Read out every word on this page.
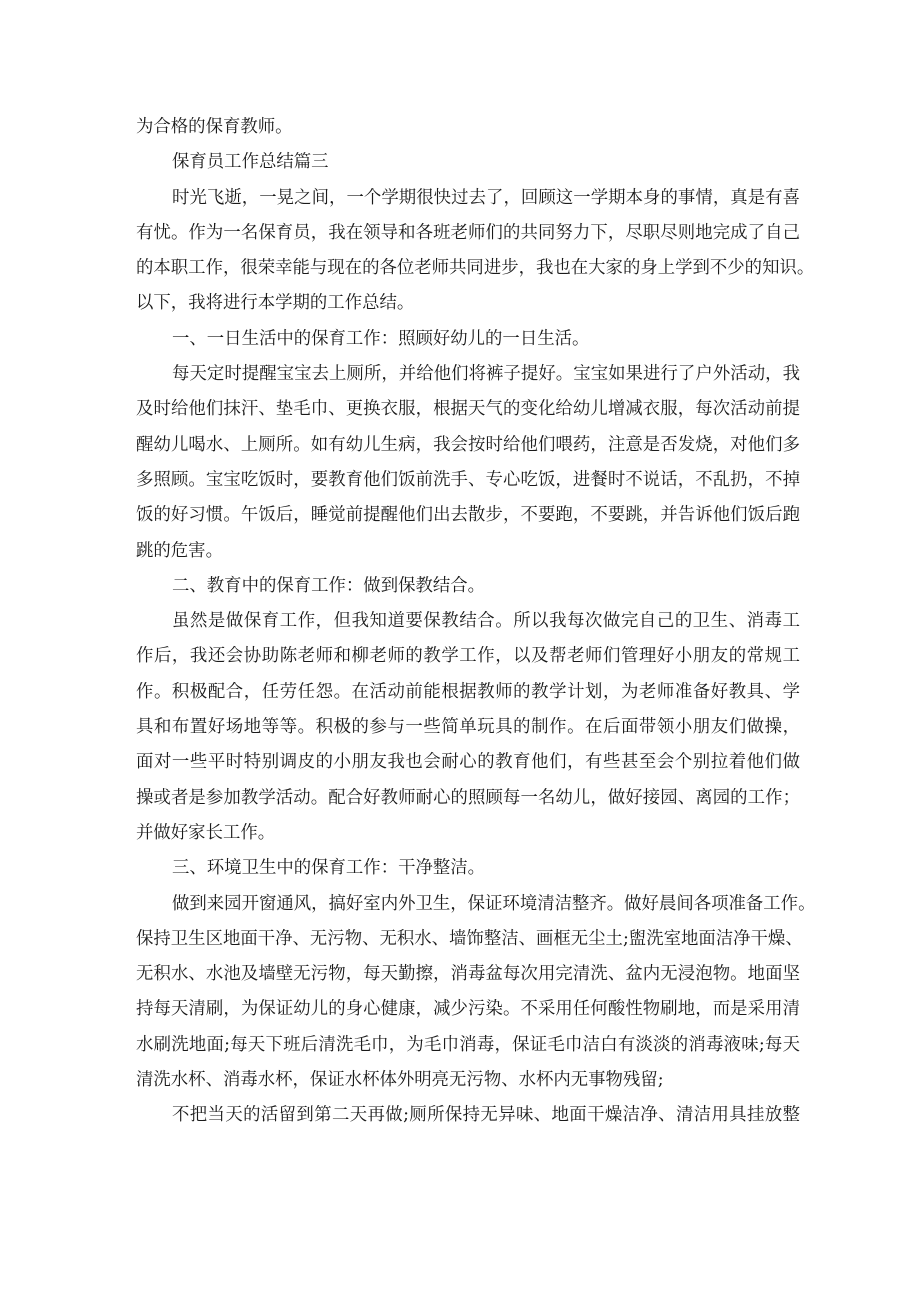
为合格的保育教师。
保育员工作总结篇三
时光飞逝，一晃之间，一个学期很快过去了，回顾这一学期本身的事情，真是有喜
有忧。作为一名保育员，我在领导和各班老师们的共同努力下，尽职尽则地完成了自己
的本职工作，很荣幸能与现在的各位老师共同进步，我也在大家的身上学到不少的知识。
以下，我将进行本学期的工作总结。
一、一日生活中的保育工作：照顾好幼儿的一日生活。
每天定时提醒宝宝去上厕所，并给他们将裤子提好。宝宝如果进行了户外活动，我
及时给他们抹汗、垫毛巾、更换衣服，根据天气的变化给幼儿增减衣服，每次活动前提
醒幼儿喝水、上厕所。如有幼儿生病，我会按时给他们喂药，注意是否发烧，对他们多
多照顾。宝宝吃饭时，要教育他们饭前洗手、专心吃饭，进餐时不说话，不乱扔，不掉
饭的好习惯。午饭后，睡觉前提醒他们出去散步，不要跑，不要跳，并告诉他们饭后跑
跳的危害。
二、教育中的保育工作：做到保教结合。
虽然是做保育工作，但我知道要保教结合。所以我每次做完自己的卫生、消毒工
作后，我还会协助陈老师和柳老师的教学工作，以及帮老师们管理好小朋友的常规工
作。积极配合，任劳任怨。在活动前能根据教师的教学计划，为老师准备好教具、学
具和布置好场地等等。积极的参与一些简单玩具的制作。在后面带领小朋友们做操，
面对一些平时特别调皮的小朋友我也会耐心的教育他们，有些甚至会个别拉着他们做
操或者是参加教学活动。配合好教师耐心的照顾每一名幼儿，做好接园、离园的工作；
并做好家长工作。
三、环境卫生中的保育工作：干净整洁。
做到来园开窗通风，搞好室内外卫生，保证环境清洁整齐。做好晨间各项准备工作。
保持卫生区地面干净、无污物、无积水、墙饰整洁、画框无尘土;盥洗室地面洁净干燥、
无积水、水池及墙壁无污物，每天勤擦，消毒盆每次用完清洗、盆内无浸泡物。地面坚
持每天清刷，为保证幼儿的身心健康，减少污染。不采用任何酸性物刷地，而是采用清
水刷洗地面;每天下班后清洗毛巾，为毛巾消毒，保证毛巾洁白有淡淡的消毒液味;每天
清洗水杯、消毒水杯，保证水杯体外明亮无污物、水杯内无事物残留;
不把当天的活留到第二天再做;厕所保持无异味、地面干燥洁净、清洁用具挂放整
